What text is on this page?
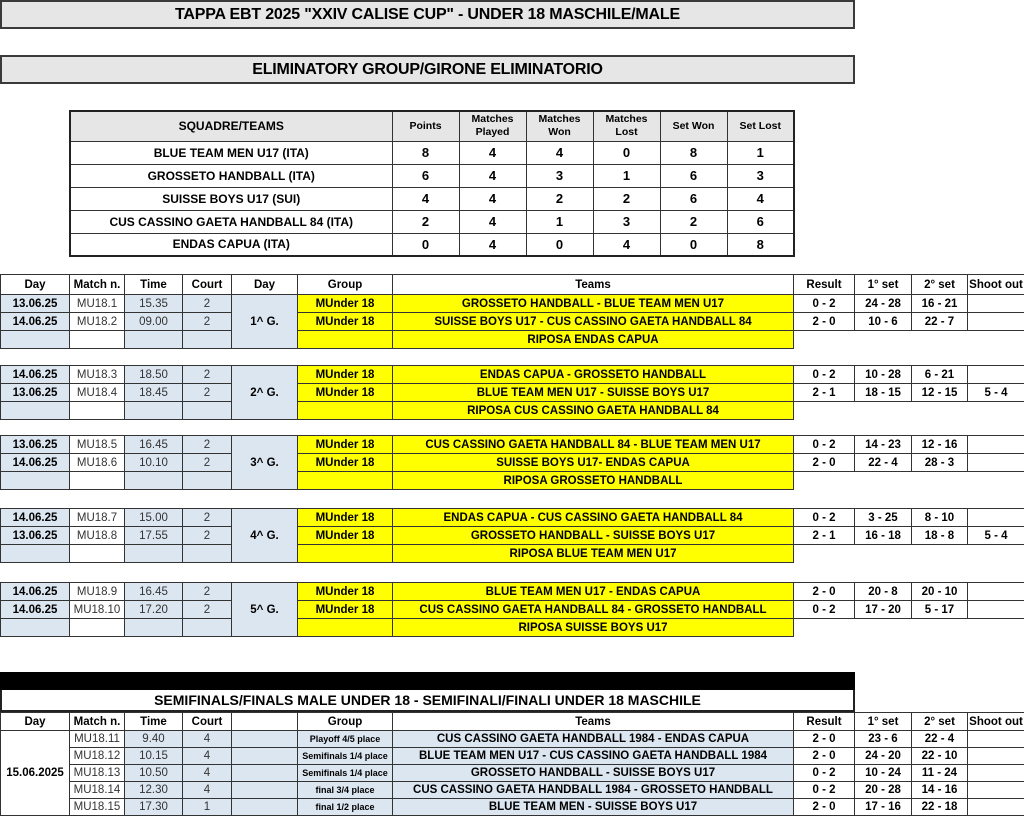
TAPPA EBT 2025 "XXIV CALISE CUP" - UNDER 18 MASCHILE/MALE
ELIMINATORY GROUP/GIRONE ELIMINATORIO
SQUADRE/TEAMS	Points	Matches Played	Matches Won	Matches Lost	Set Won	Set Lost
BLUE TEAM MEN U17 (ITA)	8	4	4	0	8	1
GROSSETO HANDBALL (ITA)	6	4	3	1	6	3
SUISSE BOYS U17 (SUI)	4	4	2	2	6	4
CUS CASSINO GAETA HANDBALL 84 (ITA)	2	4	1	3	2	6
ENDAS CAPUA (ITA)	0	4	0	4	0	8
Day	Match n.	Time	Court	Day	Group	Teams	Result	1° set	2° set	Shoot out
13.06.25	MU18.1	15.35	2	1^ G.	MUnder 18	GROSSETO HANDBALL - BLUE TEAM MEN U17	0 - 2	24 - 28	16 - 21	
14.06.25	MU18.2	09.00	2		MUnder 18	SUISSE BOYS U17 - CUS CASSINO GAETA HANDBALL 84	2 - 0	10 - 6	22 - 7	
						RIPOSA ENDAS CAPUA				
14.06.25	MU18.3	18.50	2	2^ G.	MUnder 18	ENDAS CAPUA - GROSSETO HANDBALL	0 - 2	10 - 28	6 - 21	
13.06.25	MU18.4	18.45	2		MUnder 18	BLUE TEAM MEN U17 - SUISSE BOYS U17	2 - 1	18 - 15	12 - 15	5 - 4
						RIPOSA CUS CASSINO GAETA HANDBALL 84				
13.06.25	MU18.5	16.45	2	3^ G.	MUnder 18	CUS CASSINO GAETA HANDBALL 84 - BLUE TEAM MEN U17	0 - 2	14 - 23	12 - 16	
14.06.25	MU18.6	10.10	2		MUnder 18	SUISSE BOYS U17- ENDAS CAPUA	2 - 0	22 - 4	28 - 3	
						RIPOSA GROSSETO HANDBALL				
14.06.25	MU18.7	15.00	2	4^ G.	MUnder 18	ENDAS CAPUA - CUS CASSINO GAETA HANDBALL 84	0 - 2	3 - 25	8 - 10	
13.06.25	MU18.8	17.55	2		MUnder 18	GROSSETO HANDBALL - SUISSE BOYS U17	2 - 1	16 - 18	18 - 8	5 - 4
						RIPOSA BLUE TEAM MEN U17				
14.06.25	MU18.9	16.45	2	5^ G.	MUnder 18	BLUE TEAM MEN U17 - ENDAS CAPUA	2 - 0	20 - 8	20 - 10	
14.06.25	MU18.10	17.20	2		MUnder 18	CUS CASSINO GAETA HANDBALL 84 - GROSSETO HANDBALL	0 - 2	17 - 20	5 - 17	
						RIPOSA SUISSE BOYS U17				
SEMIFINALS/FINALS MALE UNDER 18 - SEMIFINALI/FINALI UNDER 18 MASCHILE
Day	Match n.	Time	Court		Group	Teams	Result	1° set	2° set	Shoot out
15.06.2025	MU18.11	9.40	4		Playoff 4/5 place	CUS CASSINO GAETA HANDBALL 1984 - ENDAS CAPUA	2 - 0	23 - 6	22 - 4	
	MU18.12	10.15	4		Semifinals 1/4 place	BLUE TEAM MEN U17 - CUS CASSINO GAETA HANDBALL 1984	2 - 0	24 - 20	22 - 10	
	MU18.13	10.50	4		Semifinals 1/4 place	GROSSETO HANDBALL - SUISSE BOYS U17	0 - 2	10 - 24	11 - 24	
	MU18.14	12.30	4		final 3/4 place	CUS CASSINO GAETA HANDBALL 1984 - GROSSETO HANDBALL	0 - 2	20 - 28	14 - 16	
	MU18.15	17.30	1		final 1/2 place	BLUE TEAM MEN - SUISSE BOYS U17	2 - 0	17 - 16	22 - 18	
